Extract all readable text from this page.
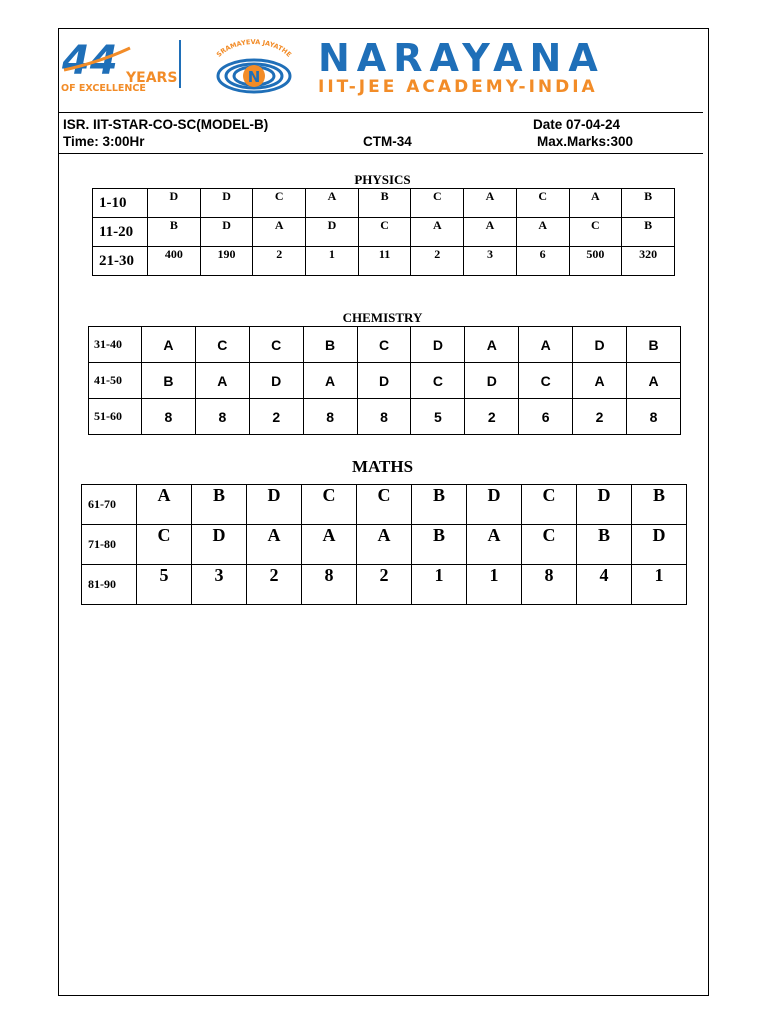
44 YEARS
OF EXCELLENCE
SRAMAYEVA JAYATHE
N NARAYANA
IIT-JEE ACADEMY-INDIA
ISR. IIT-STAR-CO-SC(MODEL-B)	Date 07-04-24
Time: 3:00Hr	CTM-34	Max.Marks:300
PHYSICS
1-10	D	D	C	A	B	C	A	C	A	B
11-20	B	D	A	D	C	A	A	A	C	B
21-30	400	190	2	1	11	2	3	6	500	320
CHEMISTRY
31-40	A	C	C	B	C	D	A	A	D	B
41-50	B	A	D	A	D	C	D	C	A	A
51-60	8	8	2	8	8	5	2	6	2	8
MATHS
61-70	A	B	D	C	C	B	D	C	D	B
71-80	C	D	A	A	A	B	A	C	B	D
81-90	5	3	2	8	2	1	1	8	4	1
